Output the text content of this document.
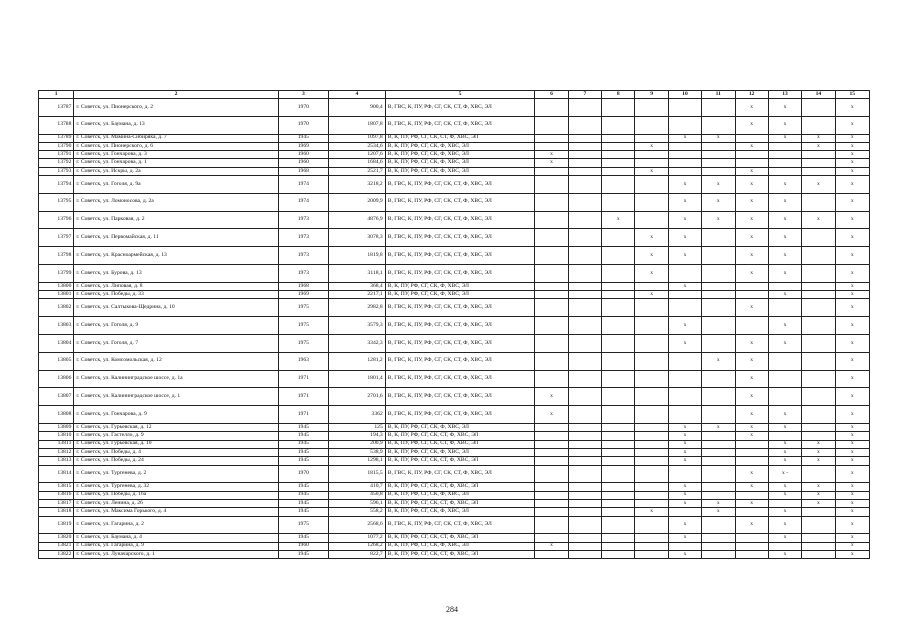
1	2	3	4	5	6	7	8	9	10	11	12	13	14	15
13787	г. Советск, ул. Пионерского, д. 2	1970	900,4	В, ГВС, К, ПУ, РФ, СГ, СК, СТ, Ф, ХВС, ЭЛ							x	x		x
13788	г. Советск, ул. Баумана, д. 13	1970	1807,8	В, ГВС, К, ПУ, РФ, СГ, СК, СТ, Ф, ХВС, ЭЛ							x	x		x
13789	г. Советск, ул. Мамина-Сибиряка, д. 7	1945	1097,8	В, К, ПУ, РФ, СГ, СК, СТ, Ф, ХВС, ЭЛ					x	x		x	x	x
13790	г. Советск, ул. Пионерского, д. 6	1969	2534,6	В, К, ПУ, РФ, СГ, СК, Ф, ХВС, ЭЛ				x			x		x	x
13791	г. Советск, ул. Гончарова, д. 3	1960	1207,6	В, К, ПУ, РФ, СГ, СК, Ф, ХВС, ЭЛ	x									x
13792	г. Советск, ул. Гончарова, д. 1	1960	1684,6	В, К, ПУ, РФ, СГ, СК, Ф, ХВС, ЭЛ	x									x
13793	г. Советск, ул. Искры, д. 2а	1968	2521,7	В, К, ПУ, РФ, СГ, СК, Ф, ХВС, ЭЛ				x			x			x
13794	г. Советск, ул. Гоголя, д. 9а	1974	3218,2	В, ГВС, К, ПУ, РФ, СГ, СК, СТ, Ф, ХВС, ЭЛ					x	x	x	x	x	x
13795	г. Советск, ул. Ломоносова, д. 2а	1974	2009,9	В, ГВС, К, ПУ, РФ, СГ, СК, СТ, Ф, ХВС, ЭЛ					x	x	x	x		x
13796	г. Советск, ул. Парковая, д. 2	1973	4876,9	В, ГВС, К, ПУ, РФ, СГ, СК, СТ, Ф, ХВС, ЭЛ			x		x	x	x	x	x	x
13797	г. Советск, ул. Первомайская, д. 11	1973	3078,3	В, ГВС, К, ПУ, РФ, СГ, СК, СТ, Ф, ХВС, ЭЛ				x	x		x	x		x
13798	г. Советск, ул. Красноармейская, д. 13	1973	1819,8	В, ГВС, К, ПУ, РФ, СГ, СК, СТ, Ф, ХВС, ЭЛ				x	x		x	x		x
13799	г. Советск, ул. Бурова, д. 13	1973	3118,1	В, ГВС, К, ПУ, РФ, СГ, СК, СТ, Ф, ХВС, ЭЛ				x			x	x		x
13800	г. Советск, ул. Липовая, д. 8	1968	368,4	В, К, ПУ, РФ, СГ, СК, Ф, ХВС, ЭЛ					x					x
13801	г. Советск, ул. Победы, д. 33	1969	2217,1	В, К, ПУ, РФ, СГ, СК, Ф, ХВС, ЭЛ				x				x		x
13802	г. Советск, ул. Салтыкова-Щедрина, д. 10	1975	2982,8	В, ГВС, К, ПУ, РФ, СГ, СК, СТ, Ф, ХВС, ЭЛ							x			x
13803	г. Советск, ул. Гоголя, д. 9	1975	3579,3	В, ГВС, К, ПУ, РФ, СГ, СК, СТ, Ф, ХВС, ЭЛ					x			x		x
13804	г. Советск, ул. Гоголя, д. 7	1975	3342,3	В, ГВС, К, ПУ, РФ, СГ, СК, СТ, Ф, ХВС, ЭЛ					x		x	x		x
13805	г. Советск, ул. Комсомольская, д. 12	1963	1281,2	В, ГВС, К, ПУ, РФ, СГ, СК, СТ, Ф, ХВС, ЭЛ						x	x			x
13806	г. Советск, ул. Калининградское шоссе, д. 1а	1971	1801,4	В, ГВС, К, ПУ, РФ, СГ, СК, СТ, Ф, ХВС, ЭЛ							x			x
13807	г. Советск, ул. Калининградское шоссе, д. 1	1971	2701,6	В, ГВС, К, ПУ, РФ, СГ, СК, СТ, Ф, ХВС, ЭЛ	x						x			x
13808	г. Советск, ул. Гончарова, д. 9	1971	3362	В, ГВС, К, ПУ, РФ, СГ, СК, СТ, Ф, ХВС, ЭЛ	x						x	x		x
13809	г. Советск, ул. Гурьевская, д. 12	1945	125	В, К, ПУ, РФ, СГ, СК, Ф, ХВС, ЭЛ					x	x	x	x		x
13810	г. Советск, ул. Гастелло, д. 9	1945	194,3	В, К, ПУ, РФ, СГ, СК, СТ, Ф, ХВС, ЭЛ					x		x			x
13811	г. Советск, ул. Гурьевская, д. 10	1945	200,9	В, К, ПУ, РФ, СГ, СК, СТ, Ф, ХВС, ЭЛ					x			x	x	x
13812	г. Советск, ул. Победы, д. 4	1945	538,9	В, К, ПУ, РФ, СГ, СК, Ф, ХВС, ЭЛ					x			x	x	x
13813	г. Советск, ул. Победы, д. 24	1945	1298,1	В, К, ПУ, РФ, СГ, СК, СТ, Ф, ХВС, ЭЛ					x			x	x	x
13814	г. Советск, ул. Тургенева, д. 2	1970	1815,5	В, ГВС, К, ПУ, РФ, СГ, СК, СТ, Ф, ХВС, ЭЛ							x	x -		x
13815	г. Советск, ул. Тургенева, д. 32	1945	410,7	В, К, ПУ, РФ, СГ, СК, СТ, Ф, ХВС, ЭЛ					x		x	x	x	x
13816	г. Советск, ул. Победы, д. 16а	1945	450,8	В, К, ПУ, РФ, СГ, СК, Ф, ХВС, ЭЛ					x			x	x	x
13817	г. Советск, ул. Ленина, д. 26	1945	596,1	В, К, ПУ, РФ, СГ, СК, СТ, Ф, ХВС, ЭЛ					x	x	x		x	x
13818	г. Советск, ул. Максима Горького, д. 4	1945	558,2	В, К, ПУ, РФ, СГ, СК, Ф, ХВС, ЭЛ				x		x		x		x
13819	г. Советск, ул. Гагарина, д. 2	1975	2568,6	В, ГВС, К, ПУ, РФ, СГ, СК, СТ, Ф, ХВС, ЭЛ					x		x	x		x
13820	г. Советск, ул. Баумана, д. 4	1945	1077,2	В, К, ПУ, РФ, СГ, СК, СТ, Ф, ХВС, ЭЛ					x			x		x
13821	г. Советск, ул. Гагарина, д. 9	1960	1268,2	В, К, ПУ, РФ, СГ, СК, Ф, ХВС, ЭЛ	x									x
13822	г. Советск, ул. Луначарского, д. 1	1945	822,7	В, К, ПУ, РФ, СГ, СК, СТ, Ф, ХВС, ЭЛ					x			x		x
284
